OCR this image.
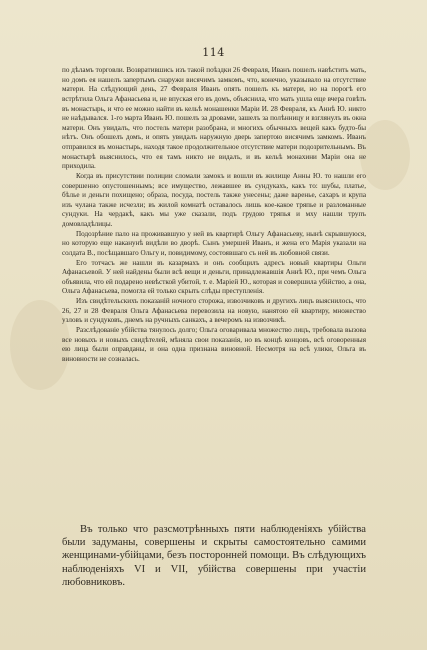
114

по дѣламъ торговли. Возвратившись изъ такой поѣздки 26 Февраля, Иванъ пошелъ навѣстить мать, но домъ ея нашелъ запертымъ снаружи висячимъ замкомъ, что, конечно, указывало на отсутствие матери. На слѣдующий день, 27 Февраля Иванъ опять пошелъ къ матери, но на порогѣ его встрѣтила Ольга Афанасьева и, не впуская его въ домъ, объяснила, что мать ушла еще вчера говѣть въ монастырь, и что ее можно найти въ кельѣ монашенки Марiи И. 28 Февраля, къ Аннѣ Ю. никто не наѣдывался. 1-го марта Иванъ Ю. пошелъ за дровами, зашелъ за полѣнницу и взглянулъ въ окна матери. Онъ увидалъ, что постель матери разобрана, и многихъ обычныхъ вещей какъ будто-бы нѣтъ. Онъ обошелъ домъ, и опять увидалъ наружную дверь запертою висячимъ замкомъ. Иванъ отправился въ монастырь, находя такое продолжительное отсутствие матери подозрительнымъ. Въ монастырѣ выяснилось, что ея тамъ никто не видалъ, и въ кельѣ монахини Марiи она не приходила.

Когда въ присутствии полиции сломали замокъ и вошли въ жилище Анны Ю. то нашли его совершенно опустошеннымъ; все имущество, лежавшее въ сундукахъ, какъ то: шубы, платье, бѣлье и деньги похищено; образа, посуда, постель также унесены; даже варенье, сахаръ и крупа изъ чулана также исчезли; въ жилой комнатѣ оставалось лишь кое-какое тряпье и разломанные сундуки. На чердакѣ, какъ мы уже сказали, подъ грудою тряпья и мху нашли трупъ домовладѣлицы.

Подозрѣние пало на проживавшую у ней въ квартирѣ Ольгу Афанасьеву, нынѣ скрывшуюся, но которую еще наканунѣ видѣли во дворѣ. Сынъ умершей Иванъ, и жена его Марiя указали на солдата В., посѣщавшаго Ольгу и, повидимому, состоявшаго съ ней въ любовной связи.

Его тотчасъ же нашли въ казармахъ и онъ сообщилъ адресъ новый квартиры Ольги Афанасьевой. У ней найдены были всѣ вещи и деньги, принадлежавшiя Аннѣ Ю., при чемъ Ольга объявила, что ей подарено невѣсткой убитой, т. е. Марiей Ю., которая и совершила убiйство, а она, Ольга Афанасьева, помогла ей только скрыть слѣды преступленiя.

Изъ свидѣтельскихъ показанiй ночного сторожа, извозчиковъ и другихъ лицъ выяснилось, что 26, 27 и 28 Февраля Ольга Афанасьева перевозила на новую, нанятою ей квартиру, множество узловъ и сундуковъ, днемъ на ручныхъ санкахъ, а вечеромъ на извозчикѣ.

Разслѣдованiе убiйства тянулось долго; Ольга оговаривала множество лицъ, требовала вызова все новыхъ и новыхъ свидѣтелей, мѣняла свои показанiя, но въ концѣ концовъ, всѣ оговоренныя ею лица были оправданы, и она одна признана виновной. Несмотря на всѣ улики, Ольга въ виновности не созналась.

Въ только что разсмотрѣнныхъ пяти наблюденiяхъ убiйства были задуманы, совершены и скрыты самостоятельно самими женщинами-убiйцами, безъ посторонней помощи. Въ слѣдующихъ наблюденiяхъ VI и VII, убiйства совершены при участiи любовниковъ.
